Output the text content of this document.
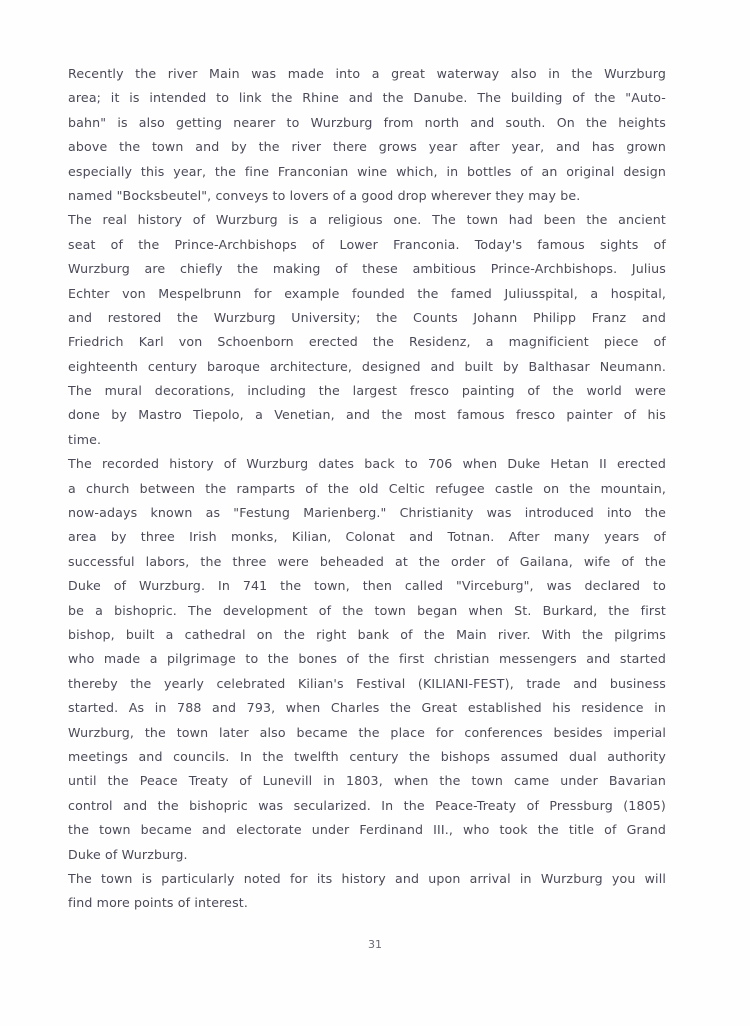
Recently the river Main was made into a great waterway also in the Wurzburg
area; it is intended to link the Rhine and the Danube. The building of the "Auto-
bahn" is also getting nearer to Wurzburg from north and south. On the heights
above the town and by the river there grows year after year, and has grown
especially this year, the fine Franconian wine which, in bottles of an original design
named "Bocksbeutel", conveys to lovers of a good drop wherever they may be.
The real history of Wurzburg is a religious one. The town had been the ancient
seat of the Prince-Archbishops of Lower Franconia. Today's famous sights of
Wurzburg are chiefly the making of these ambitious Prince-Archbishops. Julius
Echter von Mespelbrunn for example founded the famed Juliusspital, a hospital,
and restored the Wurzburg University; the Counts Johann Philipp Franz and
Friedrich Karl von Schoenborn erected the Residenz, a magnificient piece of
eighteenth century baroque architecture, designed and built by Balthasar Neumann.
The mural decorations, including the largest fresco painting of the world were
done by Mastro Tiepolo, a Venetian, and the most famous fresco painter of his
time.
The recorded history of Wurzburg dates back to 706 when Duke Hetan II erected
a church between the ramparts of the old Celtic refugee castle on the mountain,
now-adays known as "Festung Marienberg." Christianity was introduced into the
area by three Irish monks, Kilian, Colonat and Totnan. After many years of
successful labors, the three were beheaded at the order of Gailana, wife of the
Duke of Wurzburg. In 741 the town, then called "Virceburg", was declared to
be a bishopric. The development of the town began when St. Burkard, the first
bishop, built a cathedral on the right bank of the Main river. With the pilgrims
who made a pilgrimage to the bones of the first christian messengers and started
thereby the yearly celebrated Kilian's Festival (KILIANI-FEST), trade and business
started. As in 788 and 793, when Charles the Great established his residence in
Wurzburg, the town later also became the place for conferences besides imperial
meetings and councils. In the twelfth century the bishops assumed dual authority
until the Peace Treaty of Lunevill in 1803, when the town came under Bavarian
control and the bishopric was secularized. In the Peace-Treaty of Pressburg (1805)
the town became and electorate under Ferdinand III., who took the title of Grand
Duke of Wurzburg.
The town is particularly noted for its history and upon arrival in Wurzburg you will
find more points of interest.
31
